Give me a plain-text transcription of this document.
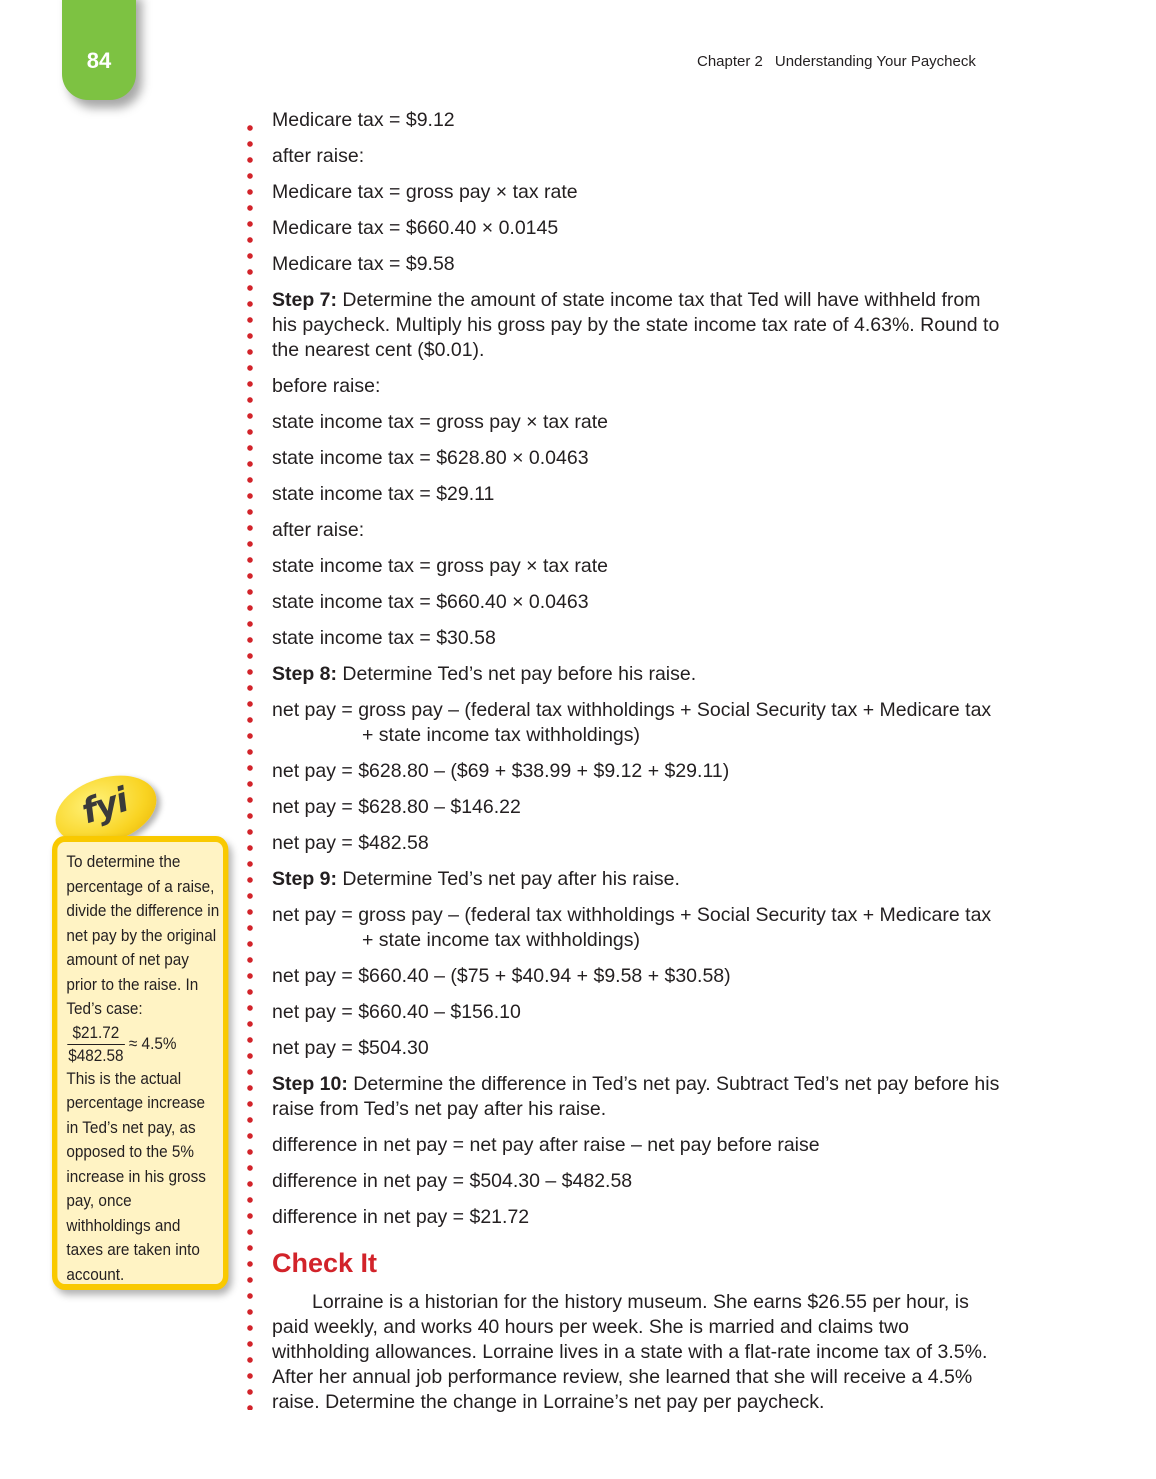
84	Chapter 2 Understanding Your Paycheck
Medicare tax = $9.12
after raise:
Medicare tax = gross pay × tax rate
Medicare tax = $660.40 × 0.0145
Medicare tax = $9.58
Step 7: Determine the amount of state income tax that Ted will have withheld from his paycheck. Multiply his gross pay by the state income tax rate of 4.63%. Round to the nearest cent ($0.01).
before raise:
state income tax = gross pay × tax rate
state income tax = $628.80 × 0.0463
state income tax = $29.11
after raise:
state income tax = gross pay × tax rate
state income tax = $660.40 × 0.0463
state income tax = $30.58
Step 8: Determine Ted’s net pay before his raise.
net pay = gross pay – (federal tax withholdings + Social Security tax + Medicare tax + state income tax withholdings)
net pay = $628.80 – ($69 + $38.99 + $9.12 + $29.11)
net pay = $628.80 – $146.22
net pay = $482.58
Step 9: Determine Ted’s net pay after his raise.
net pay = gross pay – (federal tax withholdings + Social Security tax + Medicare tax + state income tax withholdings)
net pay = $660.40 – ($75 + $40.94 + $9.58 + $30.58)
net pay = $660.40 – $156.10
net pay = $504.30
Step 10: Determine the difference in Ted’s net pay. Subtract Ted’s net pay before his raise from Ted’s net pay after his raise.
difference in net pay = net pay after raise – net pay before raise
difference in net pay = $504.30 – $482.58
difference in net pay = $21.72
Check It

Lorraine is a historian for the history museum. She earns $26.55 per hour, is paid weekly, and works 40 hours per week. She is married and claims two withholding allowances. Lorraine lives in a state with a flat-rate income tax of 3.5%. After her annual job performance review, she learned that she will receive a 4.5% raise. Determine the change in Lorraine’s net pay per paycheck.

fyi

To determine the percentage of a raise, divide the difference in net pay by the original amount of net pay prior to the raise. In Ted’s case:

$\frac{\$21.72}{\$482.58} \approx 4.5\%$

This is the actual percentage increase in Ted’s net pay, as opposed to the 5% increase in his gross pay, once withholdings and taxes are taken into account.
